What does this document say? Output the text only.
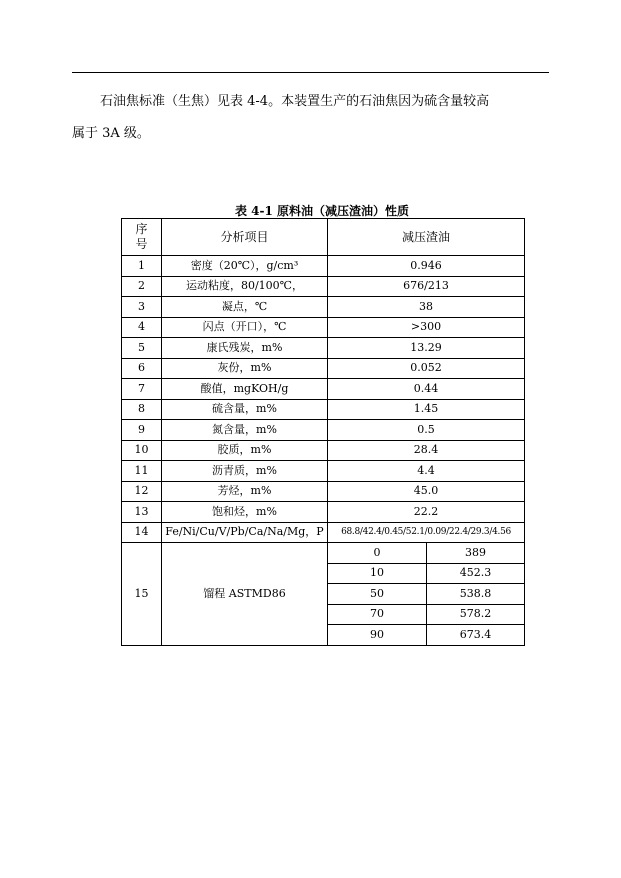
石油焦标准（生焦）见表 4-4。本装置生产的石油焦因为硫含量较高
属于 3A 级。
表 4-1 原料油（减压渣油）性质
序号	分析项目	减压渣油	
1	密度（20℃），g/cm³	0.946	
2	运动粘度，80/100℃，	676/213	
3	凝点，℃	38	
4	闪点（开口），℃	>300	
5	康氏残炭，m%	13.29	
6	灰份，m%	0.052	
7	酸值，mgKOH/g	0.44	
8	硫含量，m%	1.45	
9	氮含量，m%	0.5	
10	胶质，m%	28.4	
11	沥青质，m%	4.4	
12	芳烃，m%	45.0	
13	饱和烃，m%	22.2	
14	Fe/Ni/Cu/V/Pb/Ca/Na/Mg，P	68.8/42.4/0.45/52.1/0.09/22.4/29.3/4.56	
15	馏程 ASTMD86	0	389
		10	452.3
		50	538.8
		70	578.2
		90	673.4
